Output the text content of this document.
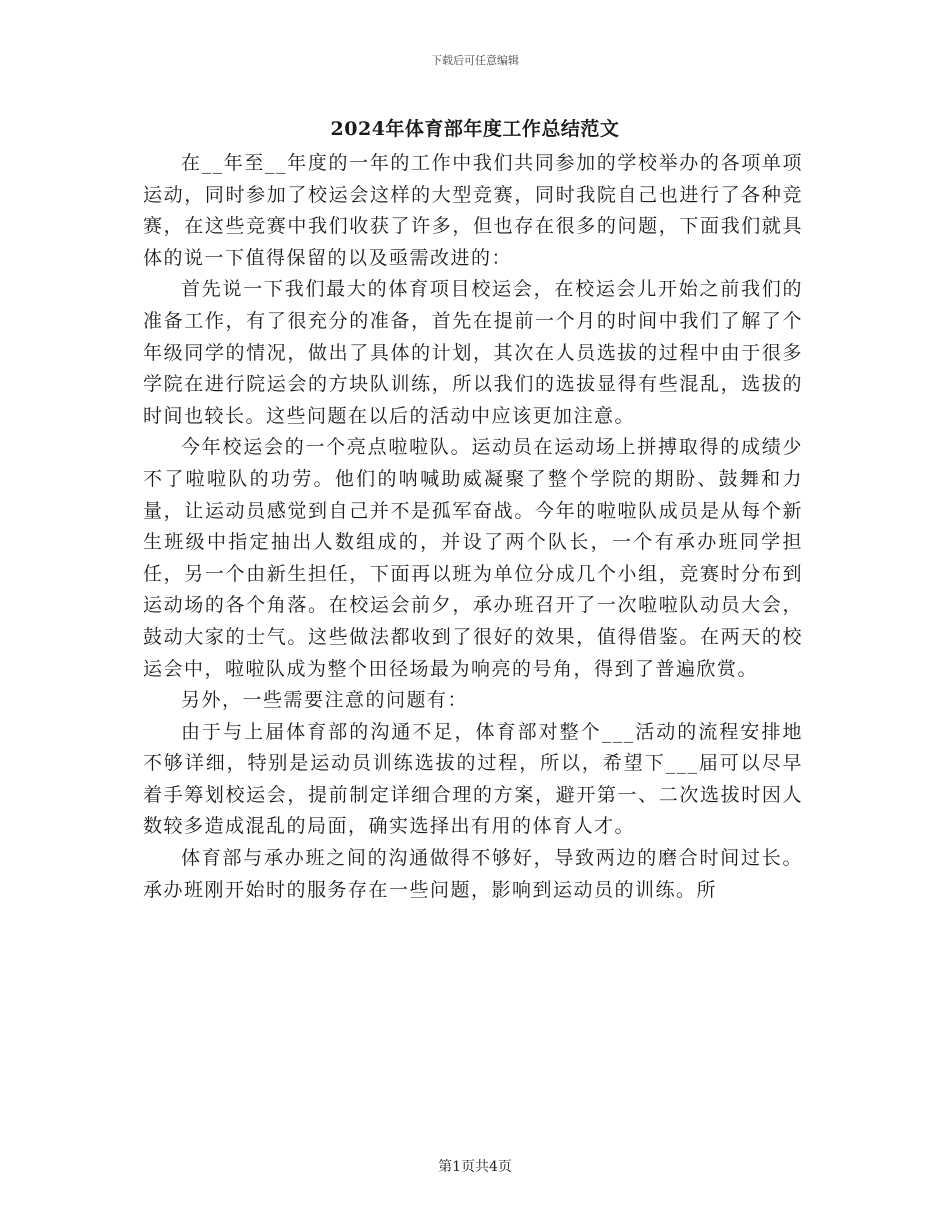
下载后可任意编辑
2024年体育部年度工作总结范文

在__年至__年度的一年的工作中我们共同参加的学校举办的各项单项运动，同时参加了校运会这样的大型竞赛，同时我院自己也进行了各种竞赛，在这些竞赛中我们收获了许多，但也存在很多的问题，下面我们就具体的说一下值得保留的以及亟需改进的：

首先说一下我们最大的体育项目校运会，在校运会儿开始之前我们的准备工作，有了很充分的准备，首先在提前一个月的时间中我们了解了个年级同学的情况，做出了具体的计划，其次在人员选拔的过程中由于很多学院在进行院运会的方块队训练，所以我们的选拔显得有些混乱，选拔的时间也较长。这些问题在以后的活动中应该更加注意。

今年校运会的一个亮点啦啦队。运动员在运动场上拼搏取得的成绩少不了啦啦队的功劳。他们的呐喊助威凝聚了整个学院的期盼、鼓舞和力量，让运动员感觉到自己并不是孤军奋战。今年的啦啦队成员是从每个新生班级中指定抽出人数组成的，并设了两个队长，一个有承办班同学担任，另一个由新生担任，下面再以班为单位分成几个小组，竞赛时分布到运动场的各个角落。在校运会前夕，承办班召开了一次啦啦队动员大会，鼓动大家的士气。这些做法都收到了很好的效果，值得借鉴。在两天的校运会中，啦啦队成为整个田径场最为响亮的号角，得到了普遍欣赏。

另外，一些需要注意的问题有：

由于与上届体育部的沟通不足，体育部对整个___活动的流程安排地不够详细，特别是运动员训练选拔的过程，所以，希望下___届可以尽早着手筹划校运会，提前制定详细合理的方案，避开第一、二次选拔时因人数较多造成混乱的局面，确实选择出有用的体育人才。

体育部与承办班之间的沟通做得不够好，导致两边的磨合时间过长。承办班刚开始时的服务存在一些问题，影响到运动员的训练。所

第1页共4页
